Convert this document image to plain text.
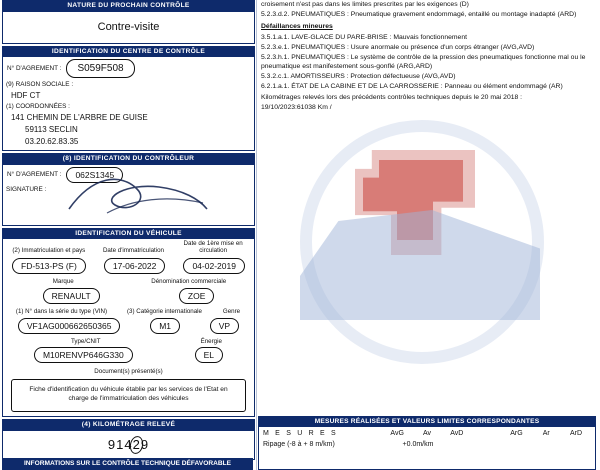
NATURE DU PROCHAIN CONTRÔLE
Contre-visite
IDENTIFICATION DU CENTRE DE CONTRÔLE
N° D'AGREMENT :	S059F508
(9) RAISON SOCIALE :
HDF CT
(1) COORDONNÉES :
141 CHEMIN DE L'ARBRE DE GUISE
59113 SECLIN
03.20.62.83.35
(8) IDENTIFICATION DU CONTRÔLEUR
N° D'AGREMENT :	062S1345
SIGNATURE :
IDENTIFICATION DU VÉHICULE
(2) Immatriculation et pays	Date d'immatriculation
Date de 1ère mise en circulation
FD-513-PS (F)	17-06-2022	04-02-2019
Marque	Dénomination commerciale
RENAULT	ZOE
(1) N° dans la série du type (VIN)	(3) Catégorie internationale	Genre
VF1AG000662650365	M1	VP
Type/CNIT	Énergie
M10RENVP646G330	EL
Document(s) présenté(s)
Fiche d'identification du véhicule établie par les services de l'Etat en charge de l'immatriculation des véhicules
(4) KILOMÉTRAGE RELEVÉ
91429
INFORMATIONS SUR LE CONTRÔLE TECHNIQUE DÉFAVORABLE

croisement n'est pas dans les limites prescrites par les exigences (D)

5.2.3.d.2. PNEUMATIQUES : Pneumatique gravement endommagé, entaillé ou montage inadapté (ARD)

Défaillances mineures

3.5.1.a.1. LAVE-GLACE DU PARE-BRISE : Mauvais fonctionnement

5.2.3.e.1. PNEUMATIQUES : Usure anormale ou présence d'un corps étranger (AVG,AVD)

5.2.3.h.1. PNEUMATIQUES : Le système de contrôle de la pression des pneumatiques fonctionne mal ou le pneumatique est manifestement sous-gonflé (ARG,ARD)

5.3.2.c.1. AMORTISSEURS : Protection défectueuse (AVG,AVD)

6.2.1.a.1. ÉTAT DE LA CABINE ET DE LA CARROSSERIE : Panneau ou élément endommagé (AR)

Kilométrages relevés lors des précédents contrôles techniques depuis le 20 mai 2018 :

19/10/2023:61038 Km /

MESURES RÉALISÉES ET VALEURS LIMITES CORRESPONDANTES
M E S U R E S	AvG	Av	AvD	ArG	Ar	ArD
Ripage (-8 à + 8 m/km)	+0.0m/km
